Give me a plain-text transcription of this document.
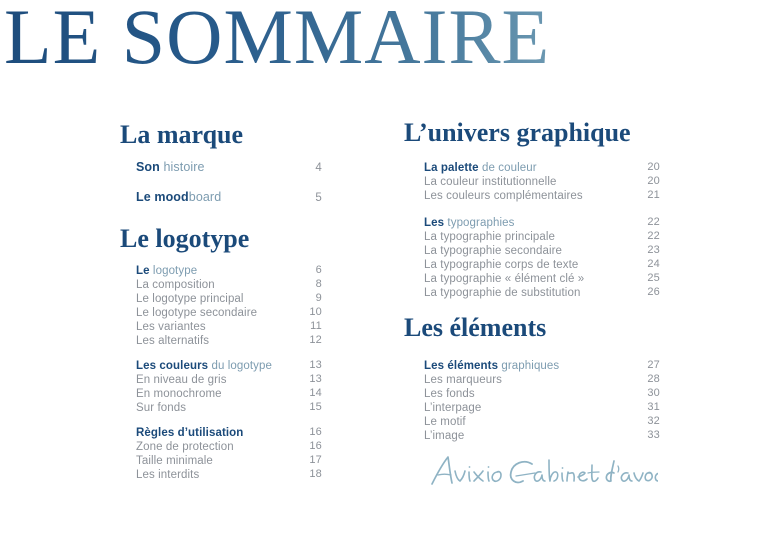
LE SOMMAIRE
La marque
Son histoire	4
Le moodboard	5
Le logotype
Le logotype	6
La composition	8
Le logotype principal	9
Le logotype secondaire	10
Les variantes	11
Les alternatifs	12
Les couleurs du logotype	13
En niveau de gris	13
En monochrome	14
Sur fonds	15
Règles d’utilisation	16
Zone de protection	16
Taille minimale	17
Les interdits	18
L’univers graphique
La palette de couleur	20
La couleur institutionnelle	20
Les couleurs complémentaires	21
Les typographies	22
La typographie principale	22
La typographie secondaire	23
La typographie corps de texte	24
La typographie « élément clé »	25
La typographie de substitution	26
Les éléments
Les éléments graphiques	27
Les marqueurs	28
Les fonds	30
L’interpage	31
Le motif	32
L’image	33
